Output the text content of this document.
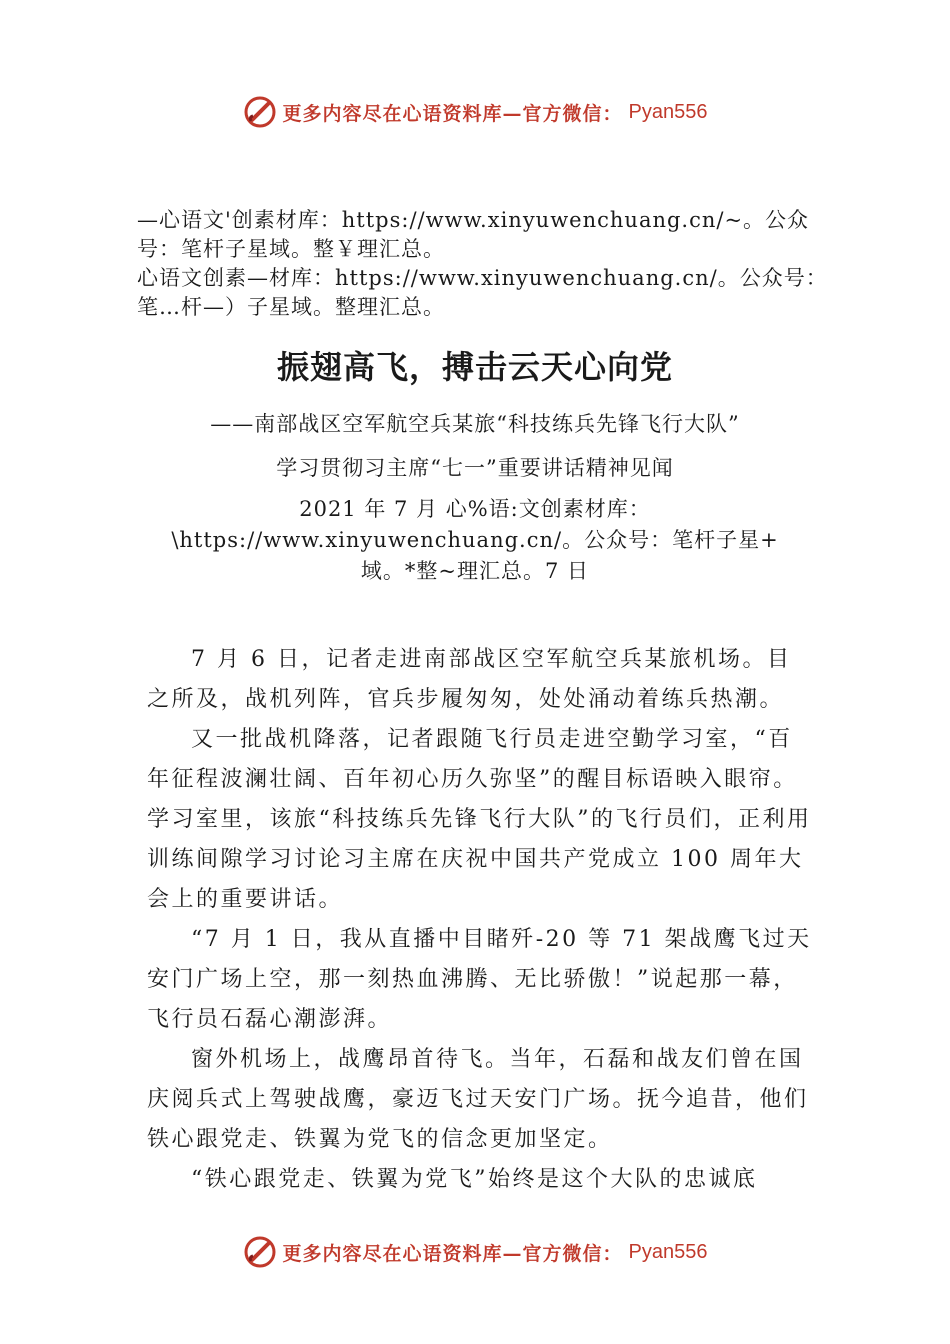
更多内容尽在心语资料库—官方微信： Pyan556

—心语文'创素材库：https://www.xinyuwenchuang.cn/~。公众号：笔杆子星域。整￥理汇总。

心语文创素—材库：https://www.xinyuwenchuang.cn/。公众号：笔…杆—）子星域。整理汇总。

振翅高飞，搏击云天心向党

——南部战区空军航空兵某旅“科技练兵先锋飞行大队”

学习贯彻习主席“七一”重要讲话精神见闻

2021 年 7 月 心%语:文创素材库：
\https://www.xinyuwenchuang.cn/。公众号：笔杆子星+
域。*整~理汇总。7 日

7 月 6 日，记者走进南部战区空军航空兵某旅机场。目之所及，战机列阵，官兵步履匆匆，处处涌动着练兵热潮。

又一批战机降落，记者跟随飞行员走进空勤学习室，“百年征程波澜壮阔、百年初心历久弥坚”的醒目标语映入眼帘。学习室里，该旅“科技练兵先锋飞行大队”的飞行员们，正利用训练间隙学习讨论习主席在庆祝中国共产党成立 100 周年大会上的重要讲话。

“7 月 1 日，我从直播中目睹歼-20 等 71 架战鹰飞过天安门广场上空，那一刻热血沸腾、无比骄傲！”说起那一幕，飞行员石磊心潮澎湃。

窗外机场上，战鹰昂首待飞。当年，石磊和战友们曾在国庆阅兵式上驾驶战鹰，豪迈飞过天安门广场。抚今追昔，他们铁心跟党走、铁翼为党飞的信念更加坚定。

“铁心跟党走、铁翼为党飞”始终是这个大队的忠诚底

更多内容尽在心语资料库—官方微信： Pyan556
